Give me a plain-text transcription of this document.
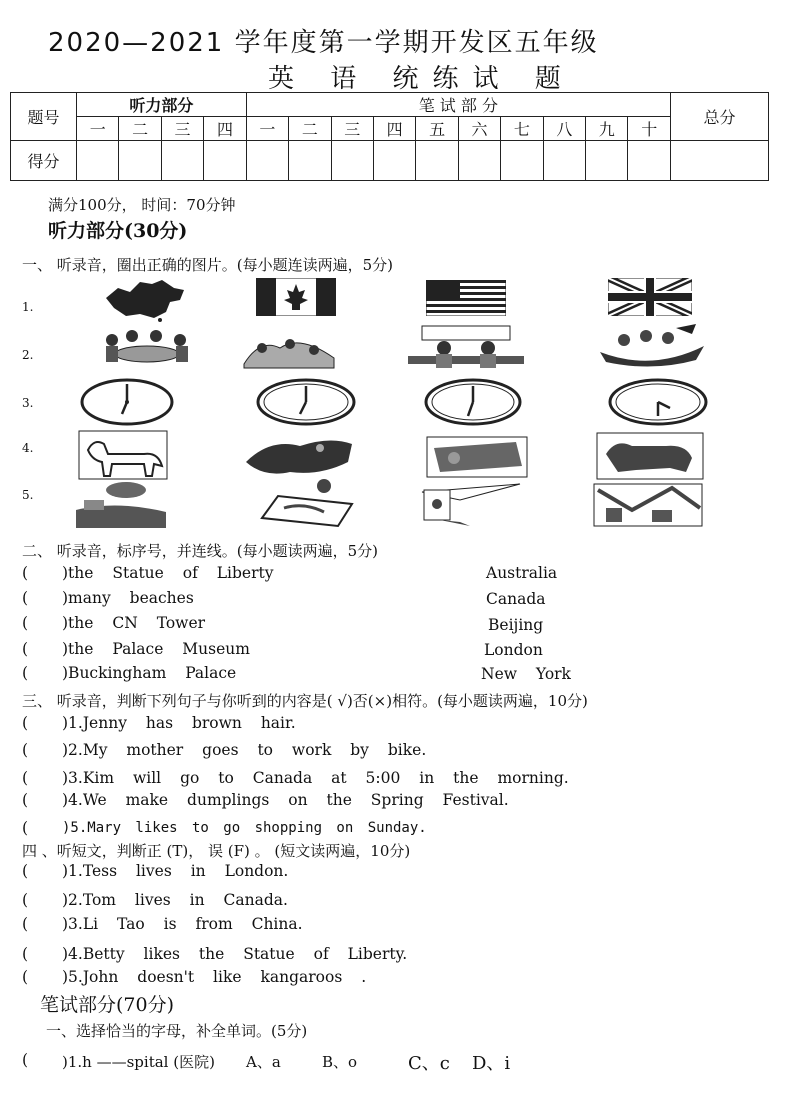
2020—2021 学年度第一学期开发区五年级
英 语 统练试 题
题号	听力部分				笔 试 部 分										总分
	一	二	三	四	一	二	三	四	五	六	七	八	九	十	
得分															
满分100分， 时间：70分钟
听力部分(30分)
一、 听录音，圈出正确的图片。(每小题连读两遍，5分)
1.
2.
3.
4.
5.
二、 听录音，标序号，并连线。(每小题读两遍，5分)
( )the Statue of Liberty	Australia
( )many beaches	Canada
( )the CN Tower	Beijing
( )the Palace Museum	London
( )Buckingham Palace	New York
三、 听录音，判断下列句子与你听到的内容是( √)否(×)相符。(每小题读两遍，10分)
( )1.Jenny has brown hair.
( )2.My mother goes to work by bike.
( )3.Kim will go to Canada at 5:00 in the morning.
( )4.We make dumplings on the Spring Festival.
( )5.Mary likes to go shopping on Sunday.
四 、听短文，判断正 (T)， 误 (F) 。 (短文读两遍，10分)
( )1.Tess lives in London.
( )2.Tom lives in Canada.
( )3.Li Tao is from China.
( )4.Betty likes the Statue of Liberty.
( )5.John doesn't like kangaroos .
笔试部分(70分)
一、选择恰当的字母，补全单词。(5分)
( )1.h ——spital (医院) A、a	B、o	C、c D、i
